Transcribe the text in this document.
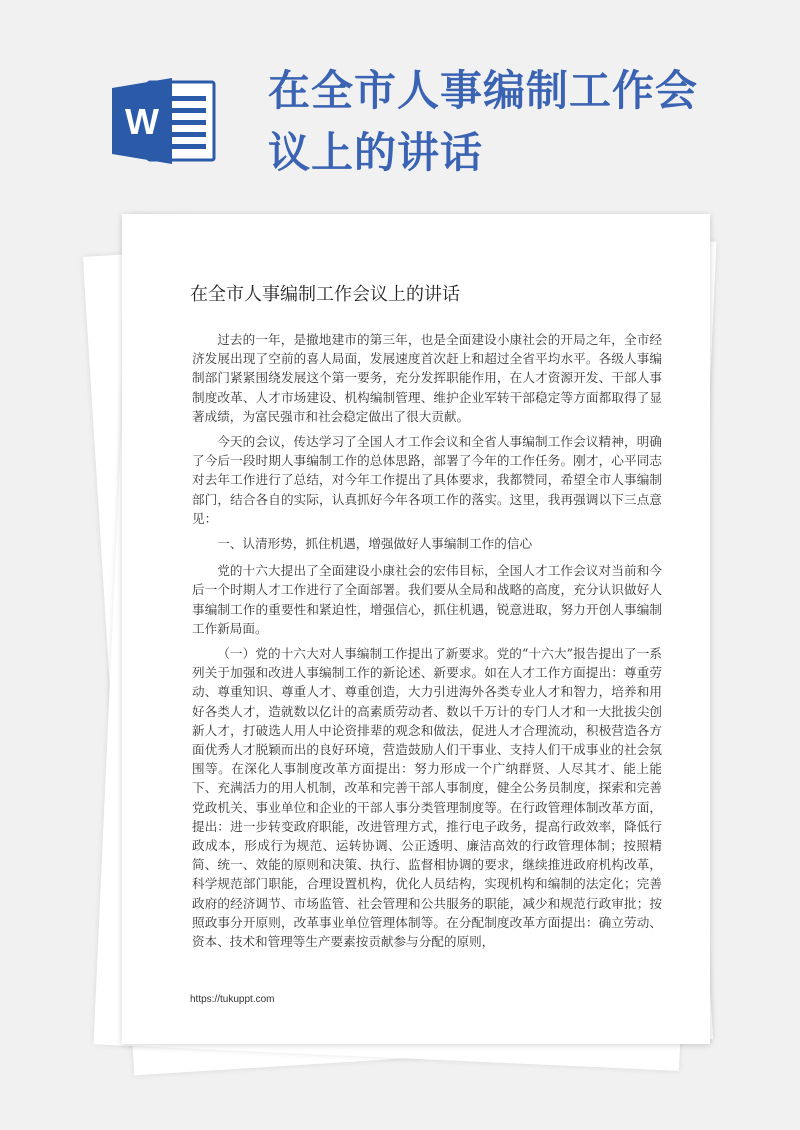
W
在全市人事编制工作会议上的讲话
在全市人事编制工作会议上的讲话

过去的一年，是撤地建市的第三年，也是全面建设小康社会的开局之年，全市经济发展出现了空前的喜人局面，发展速度首次赶上和超过全省平均水平。各级人事编制部门紧紧围绕发展这个第一要务，充分发挥职能作用，在人才资源开发、干部人事制度改革、人才市场建设、机构编制管理、维护企业军转干部稳定等方面都取得了显著成绩，为富民强市和社会稳定做出了很大贡献。

今天的会议，传达学习了全国人才工作会议和全省人事编制工作会议精神，明确了今后一段时期人事编制工作的总体思路，部署了今年的工作任务。刚才，心平同志对去年工作进行了总结，对今年工作提出了具体要求，我都赞同，希望全市人事编制部门，结合各自的实际，认真抓好今年各项工作的落实。这里，我再强调以下三点意见：

一、认清形势，抓住机遇，增强做好人事编制工作的信心

党的十六大提出了全面建设小康社会的宏伟目标，全国人才工作会议对当前和今后一个时期人才工作进行了全面部署。我们要从全局和战略的高度，充分认识做好人事编制工作的重要性和紧迫性，增强信心，抓住机遇，锐意进取，努力开创人事编制工作新局面。

（一）党的十六大对人事编制工作提出了新要求。党的“十六大”报告提出了一系列关于加强和改进人事编制工作的新论述、新要求。如在人才工作方面提出：尊重劳动、尊重知识、尊重人才、尊重创造，大力引进海外各类专业人才和智力，培养和用好各类人才，造就数以亿计的高素质劳动者、数以千万计的专门人才和一大批拔尖创新人才，打破选人用人中论资排辈的观念和做法，促进人才合理流动，积极营造各方面优秀人才脱颖而出的良好环境，营造鼓励人们干事业、支持人们干成事业的社会氛围等。在深化人事制度改革方面提出：努力形成一个广纳群贤、人尽其才、能上能下、充满活力的用人机制，改革和完善干部人事制度，健全公务员制度，探索和完善党政机关、事业单位和企业的干部人事分类管理制度等。在行政管理体制改革方面，提出：进一步转变政府职能，改进管理方式，推行电子政务，提高行政效率，降低行政成本，形成行为规范、运转协调、公正透明、廉洁高效的行政管理体制；按照精简、统一、效能的原则和决策、执行、监督相协调的要求，继续推进政府机构改革，科学规范部门职能，合理设置机构，优化人员结构，实现机构和编制的法定化；完善政府的经济调节、市场监管、社会管理和公共服务的职能，减少和规范行政审批；按照政事分开原则，改革事业单位管理体制等。在分配制度改革方面提出：确立劳动、资本、技术和管理等生产要素按贡献参与分配的原则，

https://tukuppt.com
